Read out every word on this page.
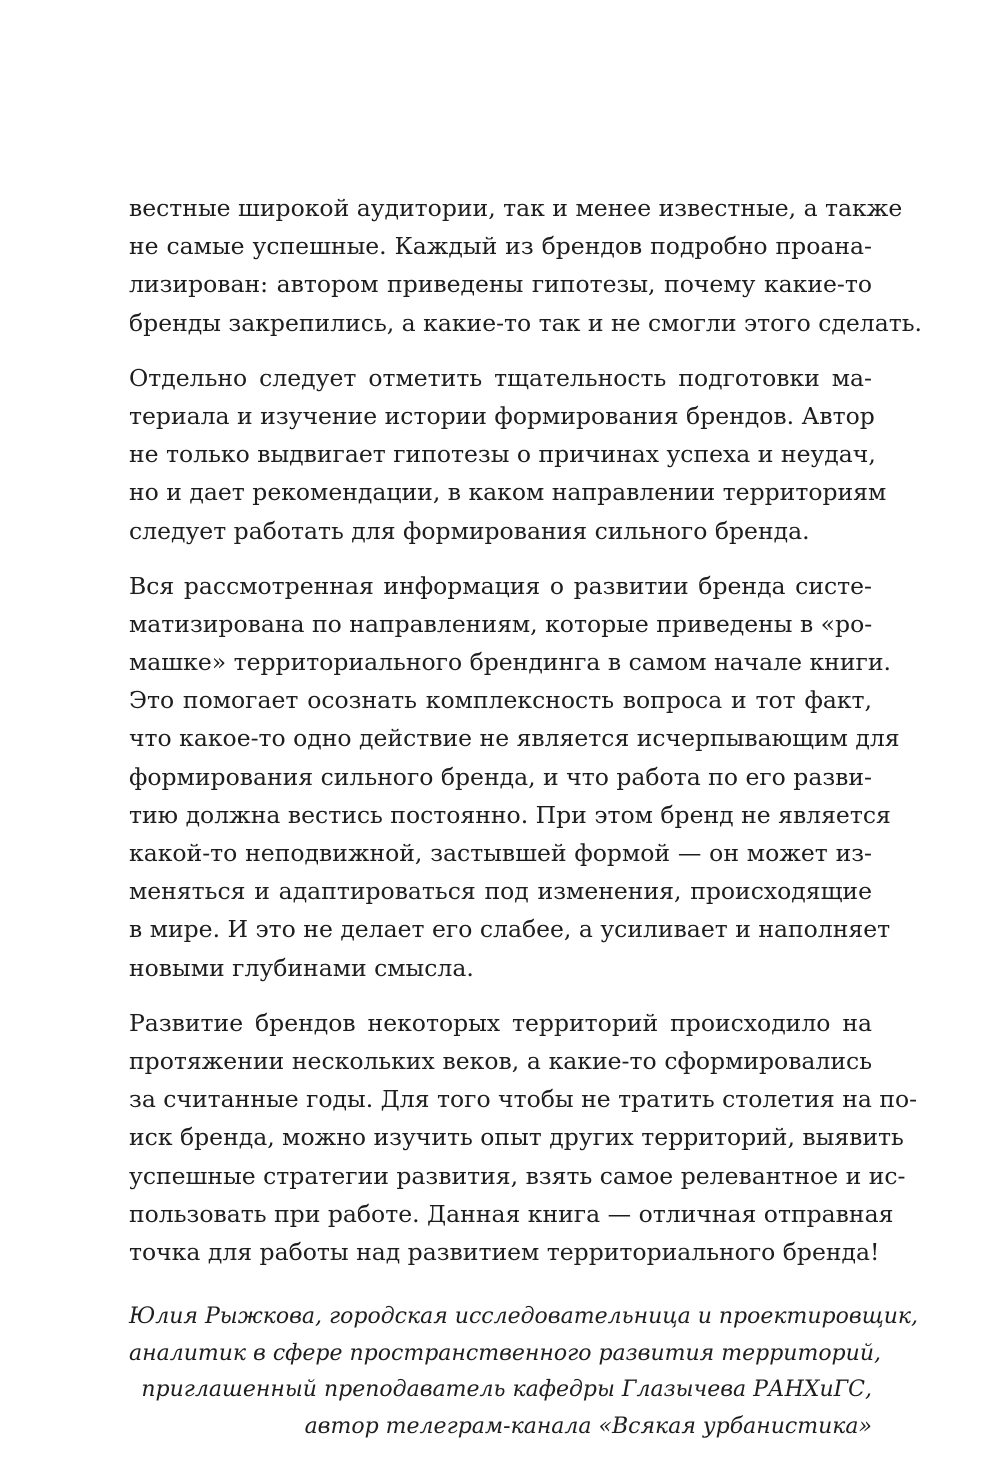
вестные широкой аудитории, так и менее известные, а также
не самые успешные. Каждый из брендов подробно проана-
лизирован: автором приведены гипотезы, почему какие-то
бренды закрепились, а какие-то так и не смогли этого сделать.
Отдельно следует отметить тщательность подготовки ма-
териала и изучение истории формирования брендов. Автор
не только выдвигает гипотезы о причинах успеха и неудач,
но и дает рекомендации, в каком направлении территориям
следует работать для формирования сильного бренда.
Вся рассмотренная информация о развитии бренда систе-
матизирована по направлениям, которые приведены в «ро-
машке» территориального брендинга в самом начале книги.
Это помогает осознать комплексность вопроса и тот факт,
что какое-то одно действие не является исчерпывающим для
формирования сильного бренда, и что работа по его разви-
тию должна вестись постоянно. При этом бренд не является
какой-то неподвижной, застывшей формой — он может из-
меняться и адаптироваться под изменения, происходящие
в мире. И это не делает его слабее, а усиливает и наполняет
новыми глубинами смысла.
Развитие брендов некоторых территорий происходило на
протяжении нескольких веков, а какие-то сформировались
за считанные годы. Для того чтобы не тратить столетия на по-
иск бренда, можно изучить опыт других территорий, выявить
успешные стратегии развития, взять самое релевантное и ис-
пользовать при работе. Данная книга — отличная отправная
точка для работы над развитием территориального бренда!
Юлия Рыжкова, городская исследовательница и проектировщик,
аналитик в сфере пространственного развития территорий,
приглашенный преподаватель кафедры Глазычева РАНХиГС,
автор телеграм-канала «Всякая урбанистика»
